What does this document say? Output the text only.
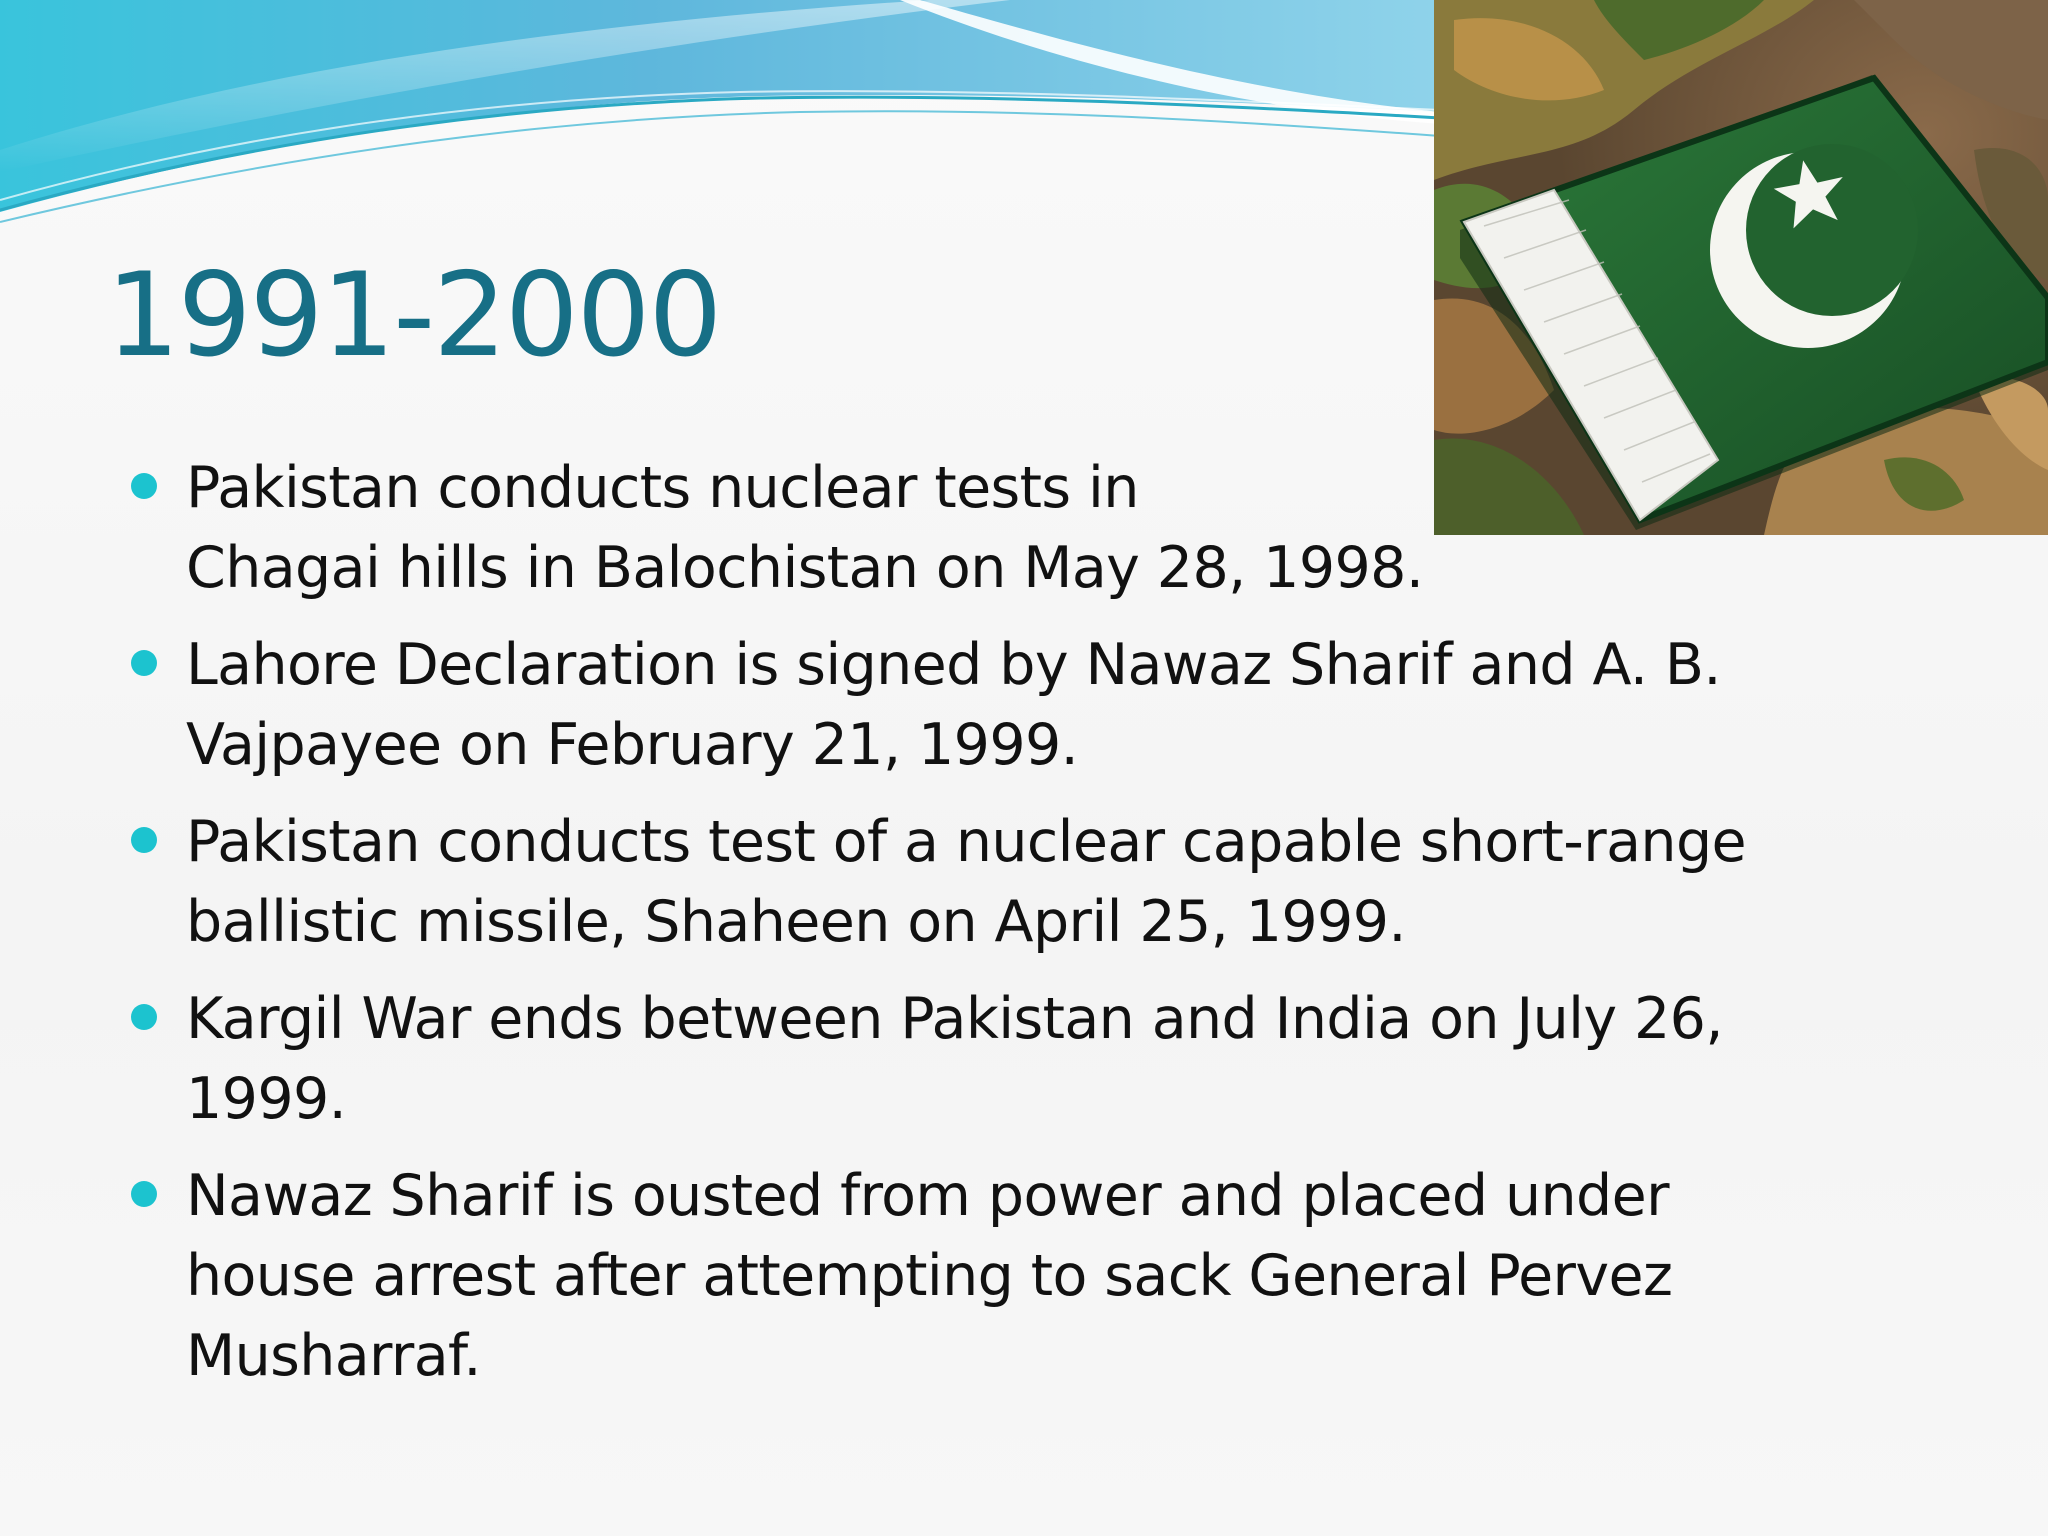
1991-2000
Pakistan conducts nuclear tests in
Chagai hills in Balochistan on May 28, 1998.
Lahore Declaration is signed by Nawaz Sharif and A. B.
Vajpayee on February 21, 1999.
Pakistan conducts test of a nuclear capable short-range
ballistic missile, Shaheen on April 25, 1999.
Kargil War ends between Pakistan and India on July 26,
1999.
Nawaz Sharif is ousted from power and placed under
house arrest after attempting to sack General Pervez
Musharraf.
